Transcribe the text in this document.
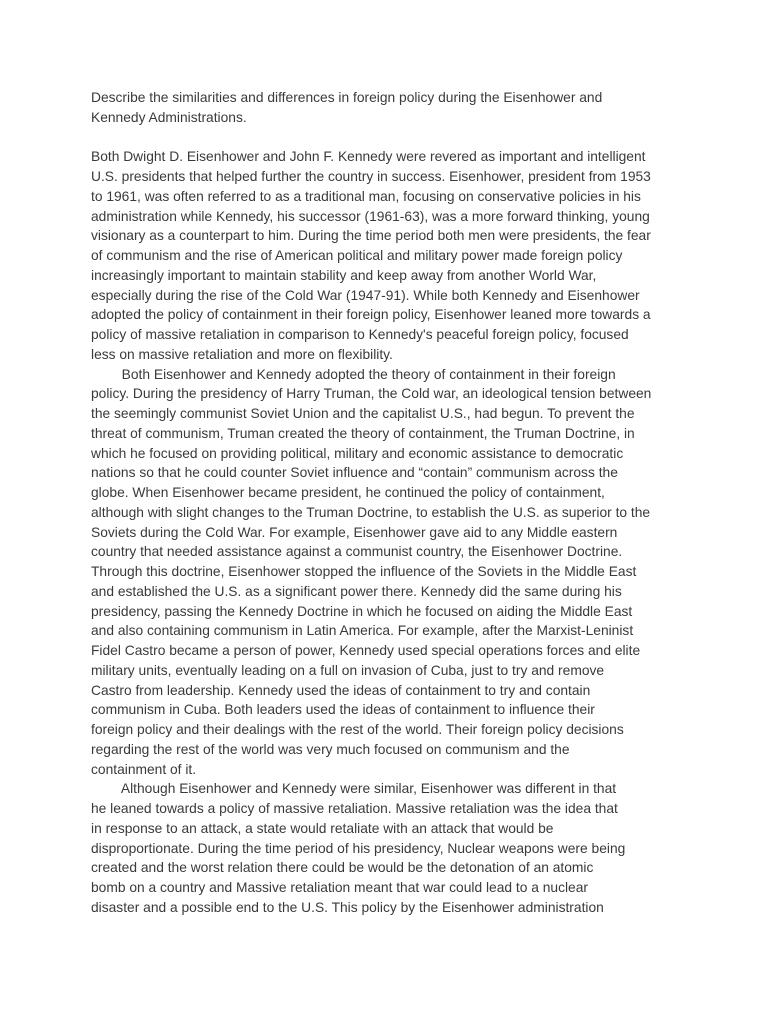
Describe the similarities and differences in foreign policy during the Eisenhower and
Kennedy Administrations.
Both Dwight D. Eisenhower and John F. Kennedy were revered as important and intelligent
U.S. presidents that helped further the country in success. Eisenhower, president from 1953
to 1961, was often referred to as a traditional man, focusing on conservative policies in his
administration while Kennedy, his successor (1961-63), was a more forward thinking, young
visionary as a counterpart to him. During the time period both men were presidents, the fear
of communism and the rise of American political and military power made foreign policy
increasingly important to maintain stability and keep away from another World War,
especially during the rise of the Cold War (1947-91). While both Kennedy and Eisenhower
adopted the policy of containment in their foreign policy, Eisenhower leaned more towards a
policy of massive retaliation in comparison to Kennedy's peaceful foreign policy, focused
less on massive retaliation and more on flexibility.
Both Eisenhower and Kennedy adopted the theory of containment in their foreign
policy. During the presidency of Harry Truman, the Cold war, an ideological tension between
the seemingly communist Soviet Union and the capitalist U.S., had begun. To prevent the
threat of communism, Truman created the theory of containment, the Truman Doctrine, in
which he focused on providing political, military and economic assistance to democratic
nations so that he could counter Soviet influence and “contain” communism across the
globe. When Eisenhower became president, he continued the policy of containment,
although with slight changes to the Truman Doctrine, to establish the U.S. as superior to the
Soviets during the Cold War. For example, Eisenhower gave aid to any Middle eastern
country that needed assistance against a communist country, the Eisenhower Doctrine.
Through this doctrine, Eisenhower stopped the influence of the Soviets in the Middle East
and established the U.S. as a significant power there. Kennedy did the same during his
presidency, passing the Kennedy Doctrine in which he focused on aiding the Middle East
and also containing communism in Latin America. For example, after the Marxist-Leninist
Fidel Castro became a person of power, Kennedy used special operations forces and elite
military units, eventually leading on a full on invasion of Cuba, just to try and remove
Castro from leadership. Kennedy used the ideas of containment to try and contain
communism in Cuba. Both leaders used the ideas of containment to influence their
foreign policy and their dealings with the rest of the world. Their foreign policy decisions
regarding the rest of the world was very much focused on communism and the
containment of it.
Although Eisenhower and Kennedy were similar, Eisenhower was different in that
he leaned towards a policy of massive retaliation. Massive retaliation was the idea that
in response to an attack, a state would retaliate with an attack that would be
disproportionate. During the time period of his presidency, Nuclear weapons were being
created and the worst relation there could be would be the detonation of an atomic
bomb on a country and Massive retaliation meant that war could lead to a nuclear
disaster and a possible end to the U.S. This policy by the Eisenhower administration
